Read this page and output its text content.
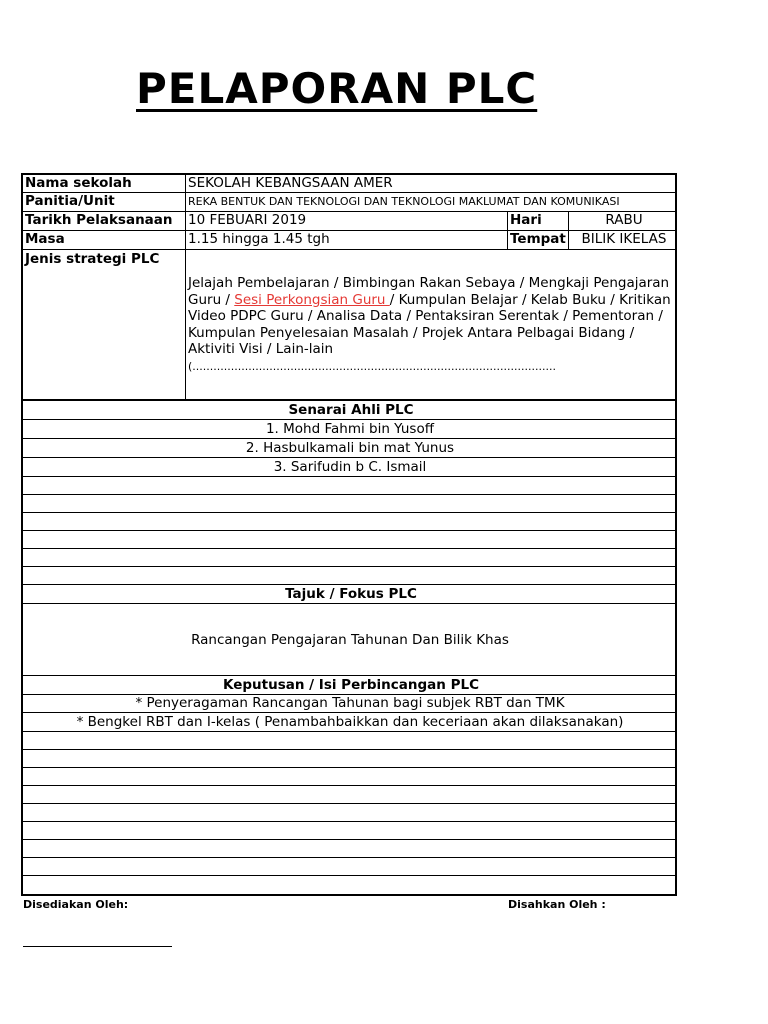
PELAPORAN PLC
Nama sekolah	SEKOLAH KEBANGSAAN AMER
Panitia/Unit	REKA BENTUK DAN TEKNOLOGI DAN TEKNOLOGI MAKLUMAT DAN KOMUNIKASI
Tarikh Pelaksanaan	10 FEBUARI 2019	Hari	RABU
Masa	1.15 hingga 1.45 tgh	Tempat	BILIK IKELAS
Jenis strategi PLC
Jelajah Pembelajaran / Bimbingan Rakan Sebaya / Mengkaji Pengajaran Guru / Sesi Perkongsian Guru / Kumpulan Belajar / Kelab Buku / Kritikan Video PDPC Guru / Analisa Data / Pentaksiran Serentak / Pementoran / Kumpulan Penyelesaian Masalah / Projek Antara Pelbagai Bidang / Aktiviti Visi / Lain-lain
(........................................................................................................
Senarai Ahli PLC
1. Mohd Fahmi bin Yusoff
2. Hasbulkamali bin mat Yunus
3. Sarifudin b C. Ismail
Tajuk / Fokus PLC
Rancangan Pengajaran Tahunan Dan Bilik Khas
Keputusan / Isi Perbincangan PLC
* Penyeragaman Rancangan Tahunan bagi subjek RBT dan TMK
* Bengkel RBT dan I-kelas ( Penambahbaikkan dan keceriaan akan dilaksanakan)
Disediakan Oleh:	Disahkan Oleh :
